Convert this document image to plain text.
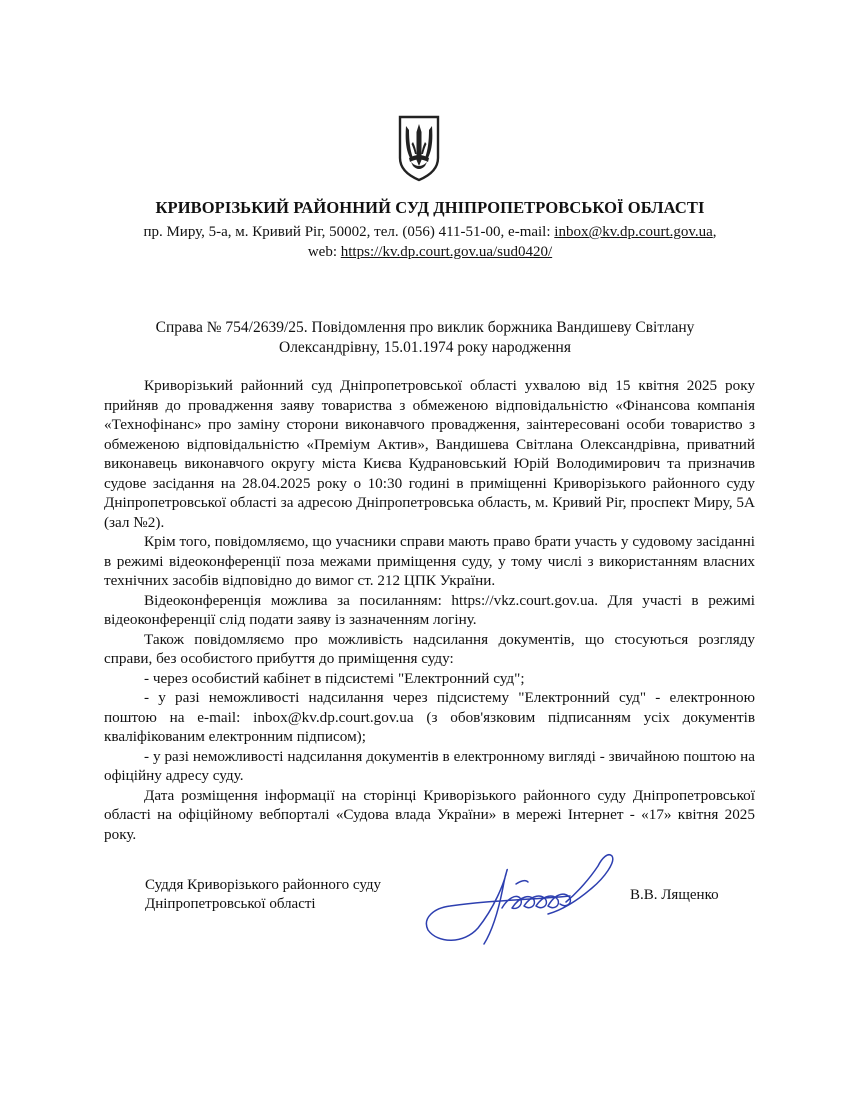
КРИВОРІЗЬКИЙ РАЙОННИЙ СУД ДНІПРОПЕТРОВСЬКОЇ ОБЛАСТІ
пр. Миру, 5-а, м. Кривий Ріг, 50002, тел. (056) 411-51-00, e-mail: inbox@kv.dp.court.gov.ua,
web: https://kv.dp.court.gov.ua/sud0420/
Справа № 754/2639/25. Повідомлення про виклик боржника Вандишеву Світлану
Олександрівну, 15.01.1974 року народження

Криворізький районний суд Дніпропетровської області ухвалою від 15 квітня 2025 року прийняв до провадження заяву товариства з обмеженою відповідальністю «Фінансова компанія «Технофінанс» про заміну сторони виконавчого провадження, заінтересовані особи товариство з обмеженою відповідальністю «Преміум Актив», Вандишева Світлана Олександрівна, приватний виконавець виконавчого округу міста Києва Кудрановський Юрій Володимирович та призначив судове засідання на 28.04.2025 року о 10:30 годині в приміщенні Криворізького районного суду Дніпропетровської області за адресою Дніпропетровська область, м. Кривий Ріг, проспект Миру, 5А (зал №2).

Крім того, повідомляємо, що учасники справи мають право брати участь у судовому засіданні в режимі відеоконференції поза межами приміщення суду, у тому числі з використанням власних технічних засобів відповідно до вимог ст. 212 ЦПК України.

Відеоконференція можлива за посиланням: https://vkz.court.gov.ua. Для участі в режимі відеоконференції слід подати заяву із зазначенням логіну.

Також повідомляємо про можливість надсилання документів, що стосуються розгляду справи, без особистого прибуття до приміщення суду:

- через особистий кабінет в підсистемі "Електронний суд";

- у разі неможливості надсилання через підсистему "Електронний суд" - електронною поштою на e-mail: inbox@kv.dp.court.gov.ua (з обов'язковим підписанням усіх документів кваліфікованим електронним підписом);

- у разі неможливості надсилання документів в електронному вигляді - звичайною поштою на офіційну адресу суду.

Дата розміщення інформації на сторінці Криворізького районного суду Дніпропетровської області на офіційному вебпорталі «Судова влада України» в мережі Інтернет - «17» квітня 2025 року.

Суддя Криворізького районного суду
Дніпропетровської області
В.В. Лященко
